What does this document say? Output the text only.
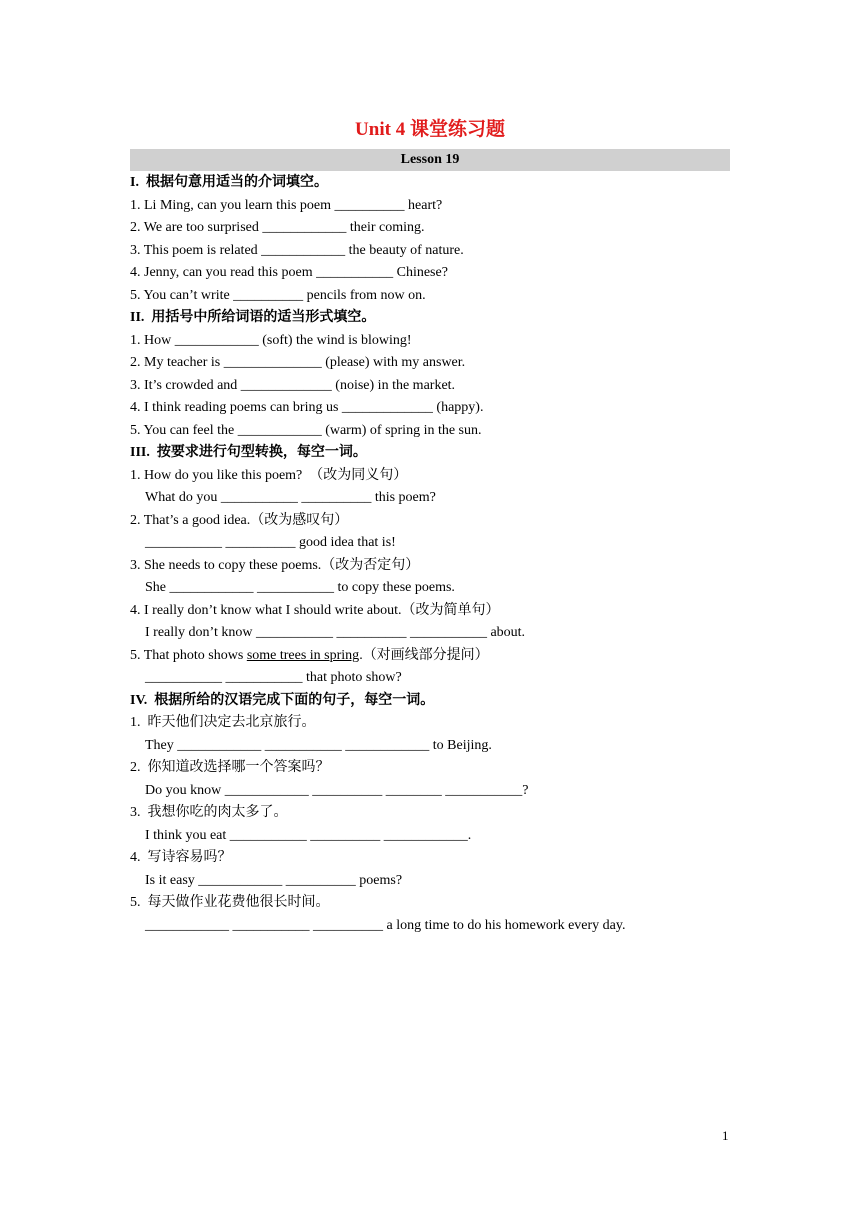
Unit 4 课堂练习题
Lesson 19
I.  根据句意用适当的介词填空。
1. Li Ming, can you learn this poem __________ heart?
2. We are too surprised ____________ their coming.
3. This poem is related ____________ the beauty of nature.
4. Jenny, can you read this poem ___________ Chinese?
5. You can’t write __________ pencils from now on.
II.  用括号中所给词语的适当形式填空。
1. How ____________ (soft) the wind is blowing!
2. My teacher is ______________ (please) with my answer.
3. It’s crowded and _____________ (noise) in the market.
4. I think reading poems can bring us _____________ (happy).
5. You can feel the ____________ (warm) of spring in the sun.
III.  按要求进行句型转换，每空一词。
1. How do you like this poem?  （改为同义句）
What do you ___________ __________ this poem?
2. That’s a good idea.（改为感叹句）
___________ __________ good idea that is!
3. She needs to copy these poems.（改为否定句）
She ____________ ___________ to copy these poems.
4. I really don’t know what I should write about.（改为简单句）
I really don’t know ___________ __________ ___________ about.
5. That photo shows some trees in spring.（对画线部分提问）
___________ ___________ that photo show?
IV.  根据所给的汉语完成下面的句子，每空一词。
1.  昨天他们决定去北京旅行。
They ____________ ___________ ____________ to Beijing.
2.  你知道改选择哪一个答案吗？
Do you know ____________ __________ ________ ___________?
3.  我想你吃的肉太多了。
I think you eat ___________ __________ ____________.
4.  写诗容易吗？
Is it easy ____________ __________ poems?
5.  每天做作业花费他很长时间。
____________ ___________ __________ a long time to do his homework every day.
1
